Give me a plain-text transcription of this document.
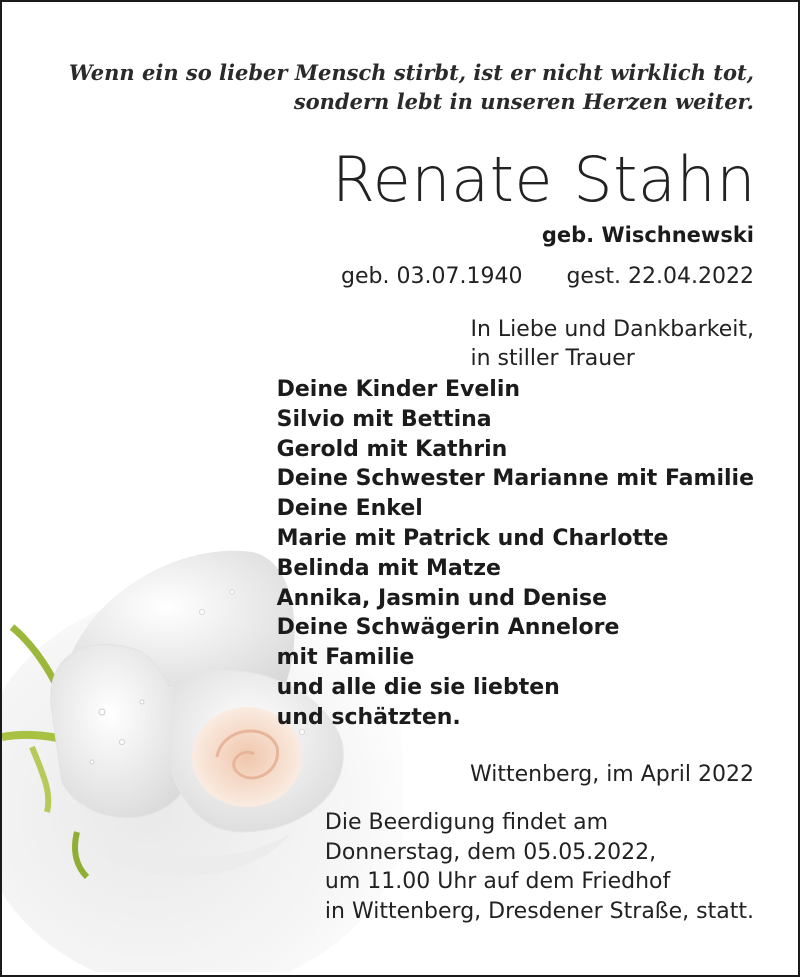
Wenn ein so lieber Mensch stirbt, ist er nicht wirklich tot,
sondern lebt in unseren Herzen weiter.
Renate Stahn
geb. Wischnewski
geb. 03.07.1940 gest. 22.04.2022
In Liebe und Dankbarkeit,
in stiller Trauer
Deine Kinder Evelin
Silvio mit Bettina
Gerold mit Kathrin
Deine Schwester Marianne mit Familie
Deine Enkel
Marie mit Patrick und Charlotte
Belinda mit Matze
Annika, Jasmin und Denise
Deine Schwägerin Annelore
mit Familie
und alle die sie liebten
und schätzten.
Wittenberg, im April 2022
Die Beerdigung findet am
Donnerstag, dem 05.05.2022,
um 11.00 Uhr auf dem Friedhof
in Wittenberg, Dresdener Straße, statt.
